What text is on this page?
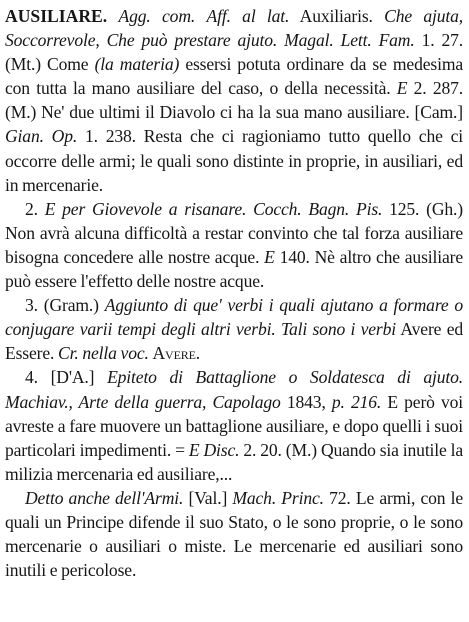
AUSILIARE. Agg. com. Aff. al lat. Auxiliaris. Che ajuta, Soccorrevole, Che può prestare ajuto. Magal. Lett. Fam. 1. 27. (Mt.) Come (la materia) essersi potuta ordinare da se medesima con tutta la mano ausiliare del caso, o della necessità. E 2. 287. (M.) Ne' due ultimi il Diavolo ci ha la sua mano ausiliare. [Cam.] Gian. Op. 1. 238. Resta che ci ragioniamo tutto quello che ci occorre delle armi; le quali sono distinte in proprie, in ausiliari, ed in mercenarie.

2. E per Giovevole a risanare. Cocch. Bagn. Pis. 125. (Gh.) Non avrà alcuna difficoltà a restar convinto che tal forza ausiliare bisogna concedere alle nostre acque. E 140. Nè altro che ausiliare può essere l'effetto delle nostre acque.

3. (Gram.) Aggiunto di que' verbi i quali ajutano a formare o conjugare varii tempi degli altri verbi. Tali sono i verbi Avere ed Essere. Cr. nella voc. Avere.

4. [D'A.] Epiteto di Battaglione o Soldatesca di ajuto. Machiav., Arte della guerra, Capolago 1843, p. 216. E però voi avreste a fare muovere un battaglione ausiliare, e dopo quelli i suoi particolari impedimenti. = E Disc. 2. 20. (M.) Quando sia inutile la milizia mercenaria ed ausiliare,...

Detto anche dell'Armi. [Val.] Mach. Princ. 72. Le armi, con le quali un Principe difende il suo Stato, o le sono proprie, o le sono mercenarie o ausiliari o miste. Le mercenarie ed ausiliari sono inutili e pericolose.
